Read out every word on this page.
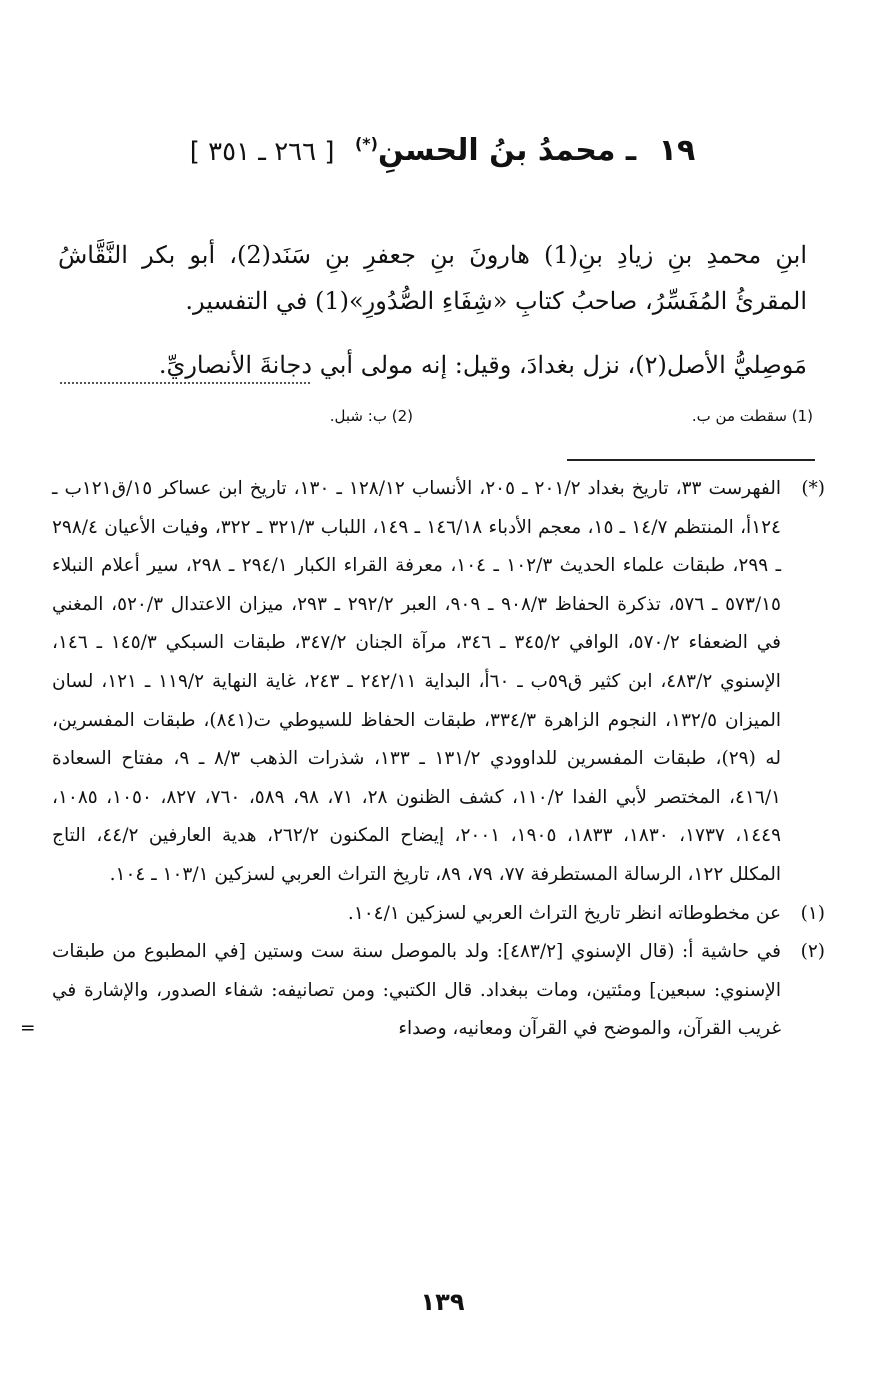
١٩ ـ محمدُ بنُ الحسنِ(*) [ ٢٦٦ ـ ٣٥١ ]

ابنِ محمدِ بنِ زيادِ بنِ(1) هارونَ بنِ جعفرِ بنِ سَنَد(2)، أبو بكر النَّقَّاشُ المقرئُ المُفَسِّرُ، صاحبُ كتابِ «شِفَاءِ الصُّدُورِ»(1) في التفسير.

مَوصِليُّ الأصل(٢)، نزل بغدادَ، وقيل: إنه مولى أبي دجانةَ الأنصاريِّ.

(1) سقطت من ب.
(2) ب: شبل.
(*)
الفهرست ٣٣، تاريخ بغداد ٢٠١/٢ ـ ٢٠٥، الأنساب ١٢٨/١٢ ـ ١٣٠، تاريخ ابن عساكر ١٥/ق١٢١ب ـ ١٢٤أ، المنتظم ١٤/٧ ـ ١٥، معجم الأدباء ١٤٦/١٨ ـ ١٤٩، اللباب ٣٢١/٣ ـ ٣٢٢، وفيات الأعيان ٢٩٨/٤ ـ ٢٩٩، طبقات علماء الحديث ١٠٢/٣ ـ ١٠٤، معرفة القراء الكبار ٢٩٤/١ ـ ٢٩٨، سير أعلام النبلاء ٥٧٣/١٥ ـ ٥٧٦، تذكرة الحفاظ ٩٠٨/٣ ـ ٩٠٩، العبر ٢٩٢/٢ ـ ٢٩٣، ميزان الاعتدال ٥٢٠/٣، المغني في الضعفاء ٥٧٠/٢، الوافي ٣٤٥/٢ ـ ٣٤٦، مرآة الجنان ٣٤٧/٢، طبقات السبكي ١٤٥/٣ ـ ١٤٦، الإسنوي ٤٨٣/٢، ابن كثير ق٥٩ب ـ ٦٠أ، البداية ٢٤٢/١١ ـ ٢٤٣، غاية النهاية ١١٩/٢ ـ ١٢١، لسان الميزان ١٣٢/٥، النجوم الزاهرة ٣٣٤/٣، طبقات الحفاظ للسيوطي ت(٨٤١)، طبقات المفسرين، له (٢٩)، طبقات المفسرين للداوودي ١٣١/٢ ـ ١٣٣، شذرات الذهب ٨/٣ ـ ٩، مفتاح السعادة ٤١٦/١، المختصر لأبي الفدا ١١٠/٢، كشف الظنون ٢٨، ٧١، ٩٨، ٥٨٩، ٧٦٠، ٨٢٧، ١٠٥٠، ١٠٨٥، ١٤٤٩، ١٧٣٧، ١٨٣٠، ١٨٣٣، ١٩٠٥، ٢٠٠١، إيضاح المكنون ٢٦٢/٢، هدية العارفين ٤٤/٢، التاج المكلل ١٢٢، الرسالة المستطرفة ٧٧، ٧٩، ٨٩، تاريخ التراث العربي لسزكين ١٠٣/١ ـ ١٠٤.
(١)
عن مخطوطاته انظر تاريخ التراث العربي لسزكين ١٠٤/١.
(٢)
في حاشية أ: (قال الإسنوي [٤٨٣/٢]: ولد بالموصل سنة ست وستين [في المطبوع من طبقات الإسنوي: سبعين] ومئتين، ومات ببغداد. قال الكتبي: ومن تصانيفه: شفاء الصدور، والإشارة في غريب القرآن، والموضح في القرآن ومعانيه، وصداء
=
١٣٩
